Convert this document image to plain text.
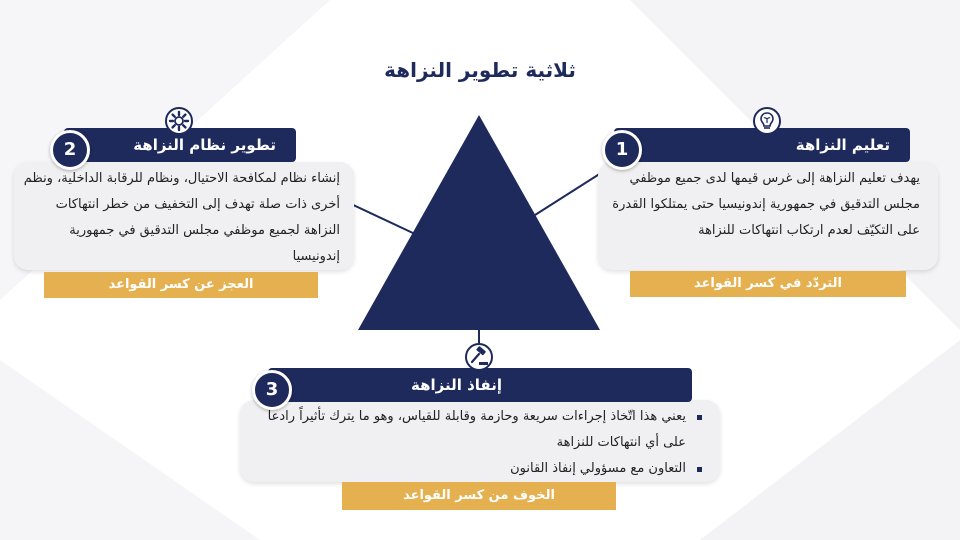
ثلاثية تطوير النزاهة
تعليم النزاهة
1
يهدف تعليم النزاهة إلى غرس قيمها لدى جميع موظفي مجلس التدقيق في جمهورية إندونيسيا حتى يمتلكوا القدرة على التكيّف لعدم ارتكاب انتهاكات للنزاهة
التردّد في كسر القواعد
تطوير نظام النزاهة
2
إنشاء نظام لمكافحة الاحتيال، ونظام للرقابة الداخلية، ونظم أخرى ذات صلة تهدف إلى التخفيف من خطر انتهاكات النزاهة لجميع موظفي مجلس التدقيق في جمهورية إندونيسيا
العجز عن كسر القواعد
إنفاذ النزاهة
3
يعني هذا اتّخاذ إجراءات سريعة وحازمة وقابلة للقياس، وهو ما يترك تأثيراً رادعاً على أي انتهاكات للنزاهة
التعاون مع مسؤولي إنفاذ القانون
الخوف من كسر القواعد
